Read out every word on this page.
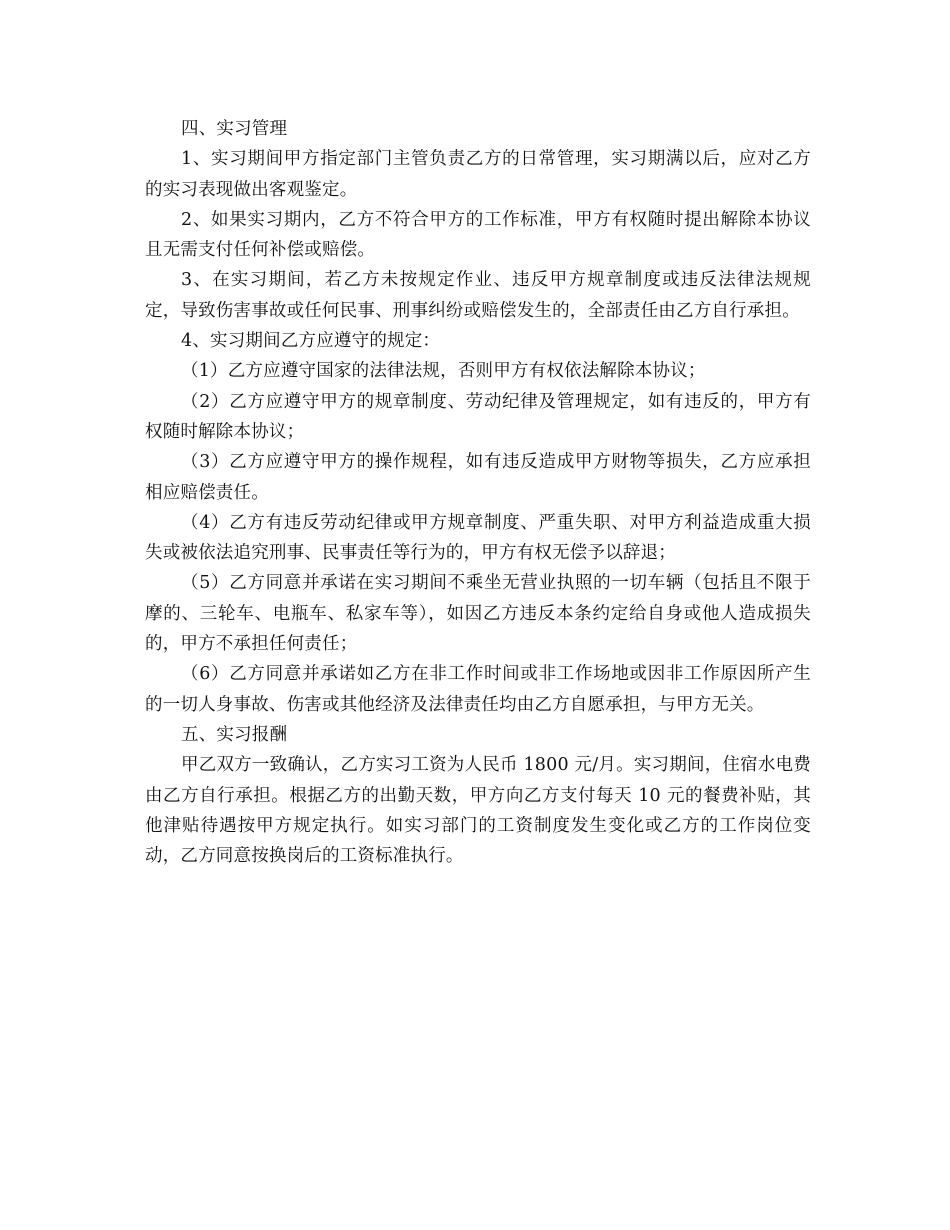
四、实习管理

1、实习期间甲方指定部门主管负责乙方的日常管理，实习期满以后，应对乙方的实习表现做出客观鉴定。

2、如果实习期内，乙方不符合甲方的工作标准，甲方有权随时提出解除本协议且无需支付任何补偿或赔偿。

3、在实习期间，若乙方未按规定作业、违反甲方规章制度或违反法律法规规定，导致伤害事故或任何民事、刑事纠纷或赔偿发生的，全部责任由乙方自行承担。

4、实习期间乙方应遵守的规定：

（1）乙方应遵守国家的法律法规，否则甲方有权依法解除本协议；

（2）乙方应遵守甲方的规章制度、劳动纪律及管理规定，如有违反的，甲方有权随时解除本协议；

（3）乙方应遵守甲方的操作规程，如有违反造成甲方财物等损失，乙方应承担相应赔偿责任。

（4）乙方有违反劳动纪律或甲方规章制度、严重失职、对甲方利益造成重大损失或被依法追究刑事、民事责任等行为的，甲方有权无偿予以辞退；

（5）乙方同意并承诺在实习期间不乘坐无营业执照的一切车辆（包括且不限于摩的、三轮车、电瓶车、私家车等），如因乙方违反本条约定给自身或他人造成损失的，甲方不承担任何责任；

（6）乙方同意并承诺如乙方在非工作时间或非工作场地或因非工作原因所产生的一切人身事故、伤害或其他经济及法律责任均由乙方自愿承担，与甲方无关。

五、实习报酬

甲乙双方一致确认，乙方实习工资为人民币 1800 元/月。实习期间，住宿水电费由乙方自行承担。根据乙方的出勤天数，甲方向乙方支付每天 10 元的餐费补贴，其他津贴待遇按甲方规定执行。如实习部门的工资制度发生变化或乙方的工作岗位变动，乙方同意按换岗后的工资标准执行。
